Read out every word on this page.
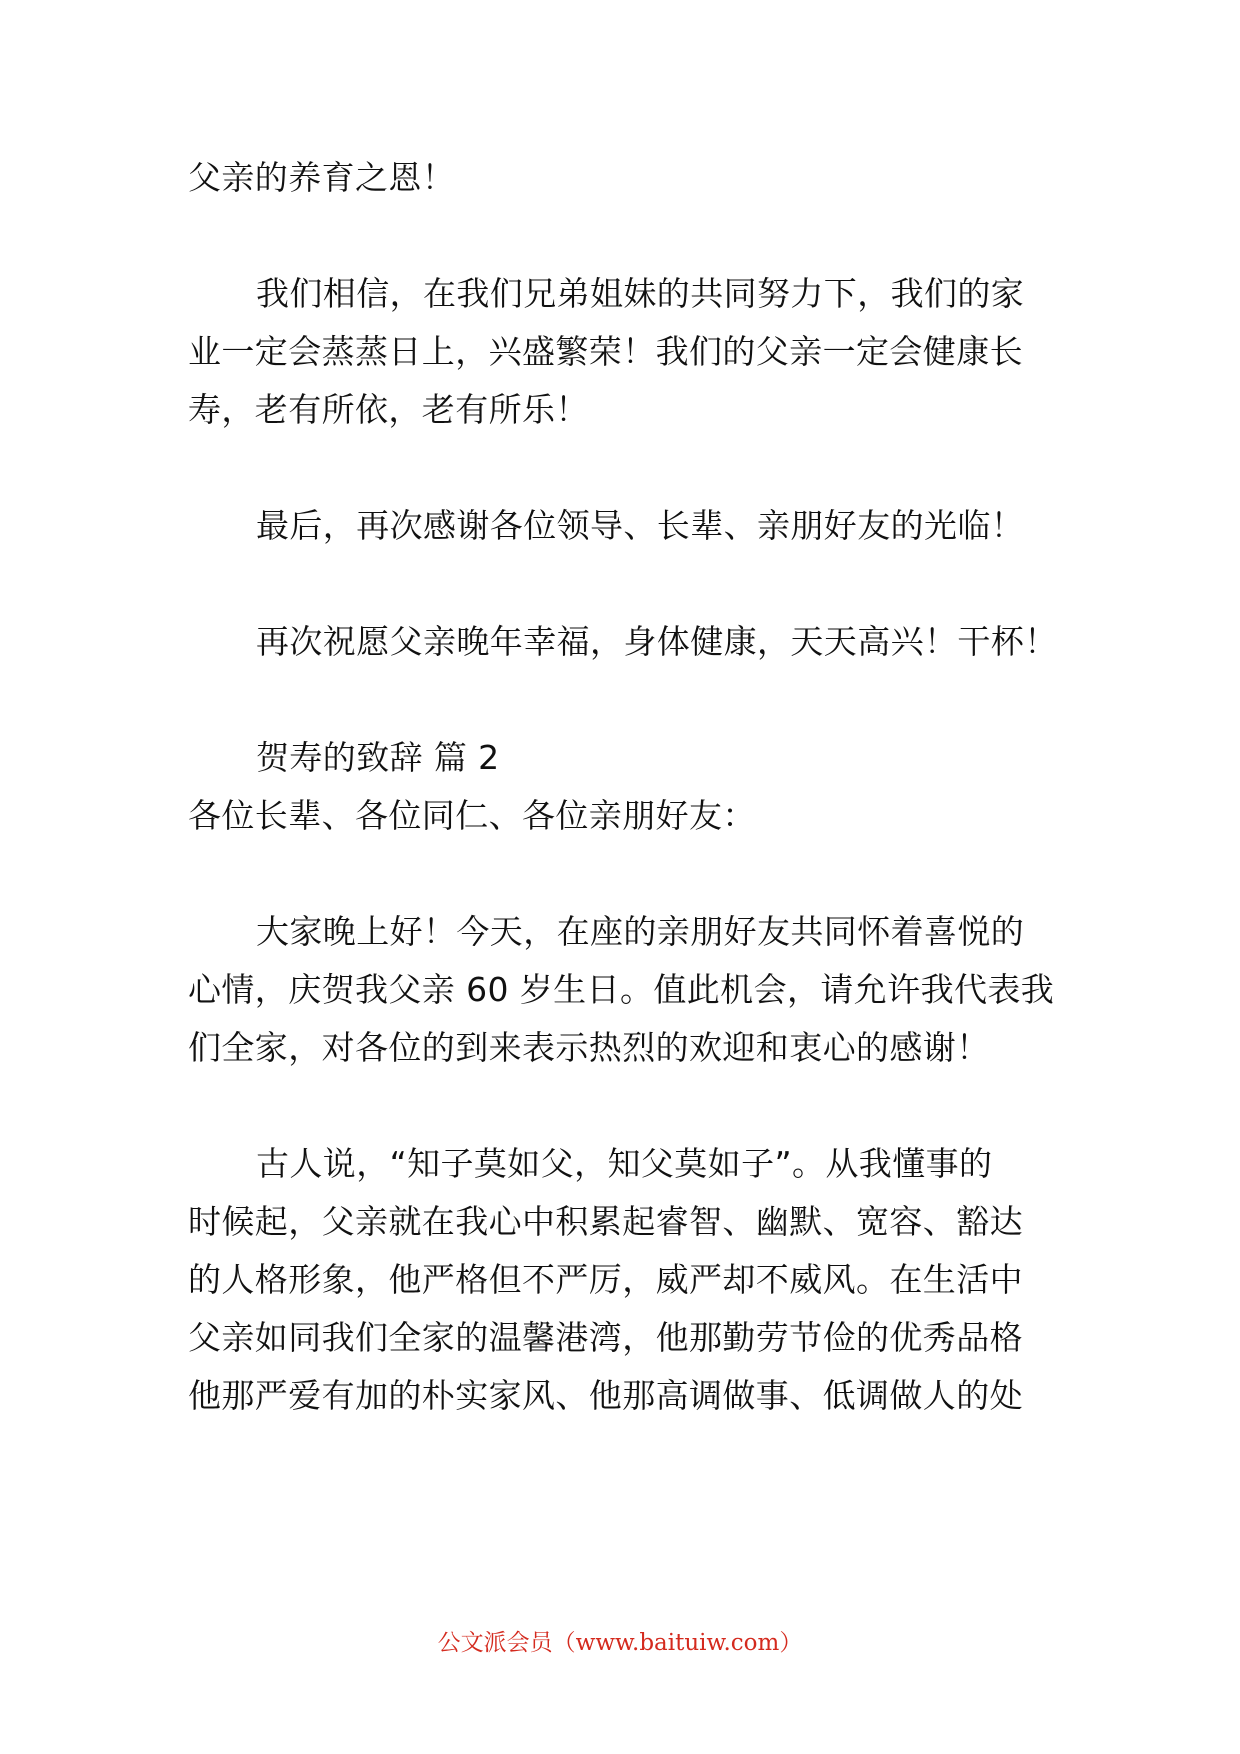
父亲的养育之恩！
我们相信，在我们兄弟姐妹的共同努力下，我们的家
业一定会蒸蒸日上，兴盛繁荣！我们的父亲一定会健康长
寿，老有所依，老有所乐！
最后，再次感谢各位领导、长辈、亲朋好友的光临！
再次祝愿父亲晚年幸福，身体健康，天天高兴！干杯！
贺寿的致辞 篇 2
各位长辈、各位同仁、各位亲朋好友：
大家晚上好！今天，在座的亲朋好友共同怀着喜悦的
心情，庆贺我父亲 60 岁生日。值此机会，请允许我代表我
们全家，对各位的到来表示热烈的欢迎和衷心的感谢！
古人说，“知子莫如父，知父莫如子”。从我懂事的
时候起，父亲就在我心中积累起睿智、幽默、宽容、豁达
的人格形象，他严格但不严厉，威严却不威风。在生活中
父亲如同我们全家的温馨港湾，他那勤劳节俭的优秀品格
他那严爱有加的朴实家风、他那高调做事、低调做人的处
公文派会员（www.baituiw.com）
